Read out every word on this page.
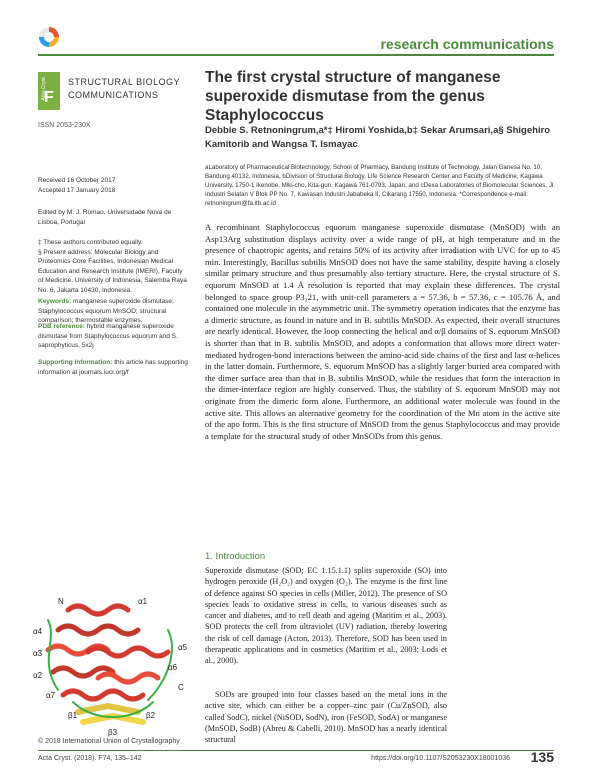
research communications
Acta Cryst.
F
STRUCTURAL BIOLOGY
COMMUNICATIONS
ISSN 2053-230X
The first crystal structure of manganese superoxide dismutase from the genus Staphylococcus
Debbie S. Retnoningrum,a*‡ Hiromi Yoshida,b‡ Sekar Arumsari,a§ Shigehiro Kamitorib and Wangsa T. Ismayac
aLaboratory of Pharmaceutical Biotechnology, School of Pharmacy, Bandung Institute of Technology, Jalan Ganesa No. 10, Bandung 40132, Indonesia, bDivision of Structural Biology, Life Science Research Center and Faculty of Medicine, Kagawa University, 1750-1 Ikenobe, Miki-cho, Kita-gun, Kagawa 761-0793, Japan, and cDexa Laboratories of Biomolecular Sciences, Jl. Industri Selatan V Blok PP No. 7, Kawasan Industri Jababeka II, Cikarang 17550, Indonesia. *Correspondence e-mail: retnoningrum@fa.itb.ac.id
Received 16 October 2017
Accepted 17 January 2018
Edited by M. J. Romao, Universidade Nova de Lisboa, Portugal
‡ These authors contributed equally.
§ Present address: Molecular Biology and Proteomics Core Facilities, Indonesian Medical Education and Research Institute (IMERI), Faculty of Medicine, University of Indonesia, Salemba Raya No. 6, Jakarta 10430, Indonesia.
Keywords: manganese superoxide dismutase; Staphylococcus equorum MnSOD; structural comparison; thermostable enzymes.
PDB reference: hybrid manganese superoxide dismutase from Staphylococcus equorum and S. saprophyticus, 5x2j
Supporting information: this article has supporting information at journals.iucr.org/f
A recombinant Staphylococcus equorum manganese superoxide dismutase (MnSOD) with an Asp13Arg substitution displays activity over a wide range of pH, at high temperature and in the presence of chaotropic agents, and retains 50% of its activity after irradiation with UVC for up to 45 min. Interestingly, Bacillus subtilis MnSOD does not have the same stability, despite having a closely similar primary structure and thus presumably also tertiary structure. Here, the crystal structure of S. equorum MnSOD at 1.4 Å resolution is reported that may explain these differences. The crystal belonged to space group P3₂21, with unit-cell parameters a = 57.36, b = 57.36, c = 105.76 Å, and contained one molecule in the asymmetric unit. The symmetry operation indicates that the enzyme has a dimeric structure, as found in nature and in B. subtilis MnSOD. As expected, their overall structures are nearly identical. However, the loop connecting the helical and α/β domains of S. equorum MnSOD is shorter than that in B. subtilis MnSOD, and adopts a conformation that allows more direct water-mediated hydrogen-bond interactions between the amino-acid side chains of the first and last α-helices in the latter domain. Furthermore, S. equorum MnSOD has a slightly larger buried area compared with the dimer surface area than that in B. subtilis MnSOD, while the residues that form the interaction in the dimer-interface region are highly conserved. Thus, the stability of S. equorum MnSOD may not originate from the dimeric form alone. Furthermore, an additional water molecule was found in the active site. This allows an alternative geometry for the coordination of the Mn atom in the active site of the apo form. This is the first structure of MnSOD from the genus Staphylococcus and may provide a template for the structural study of other MnSODs from this genus.
1. Introduction
Superoxide dismutase (SOD; EC 1.15.1.1) splits superoxide (SO) into hydrogen peroxide (H₂O₂) and oxygen (O₂). The enzyme is the first line of defence against SO species in cells (Miller, 2012). The presence of SO species leads to oxidative stress in cells, to various diseases such as cancer and diabetes, and to cell death and ageing (Maritim et al., 2003). SOD protects the cell from ultraviolet (UV) radiation, thereby lowering the risk of cell damage (Acton, 2013). Therefore, SOD has been used in therapeutic applications and in cosmetics (Maritim et al., 2003; Lods et al., 2000).
SODs are grouped into four classes based on the metal ions in the active site, which can either be a copper–zinc pair (Cu/ZnSOD, also called SodC), nickel (NiSOD, SodN), iron (FeSOD, SodA) or manganese (MnSOD, SodB) (Abreu & Cabelli, 2010). MnSOD has a nearly identical structural
N
C
α4
α3
α2
α1
α5
α6
α7
β1	β2
β3
© 2018 International Union of Crystallography
Acta Cryst. (2018). F74, 135–142	https://doi.org/10.1107/S2053230X18001036 135
